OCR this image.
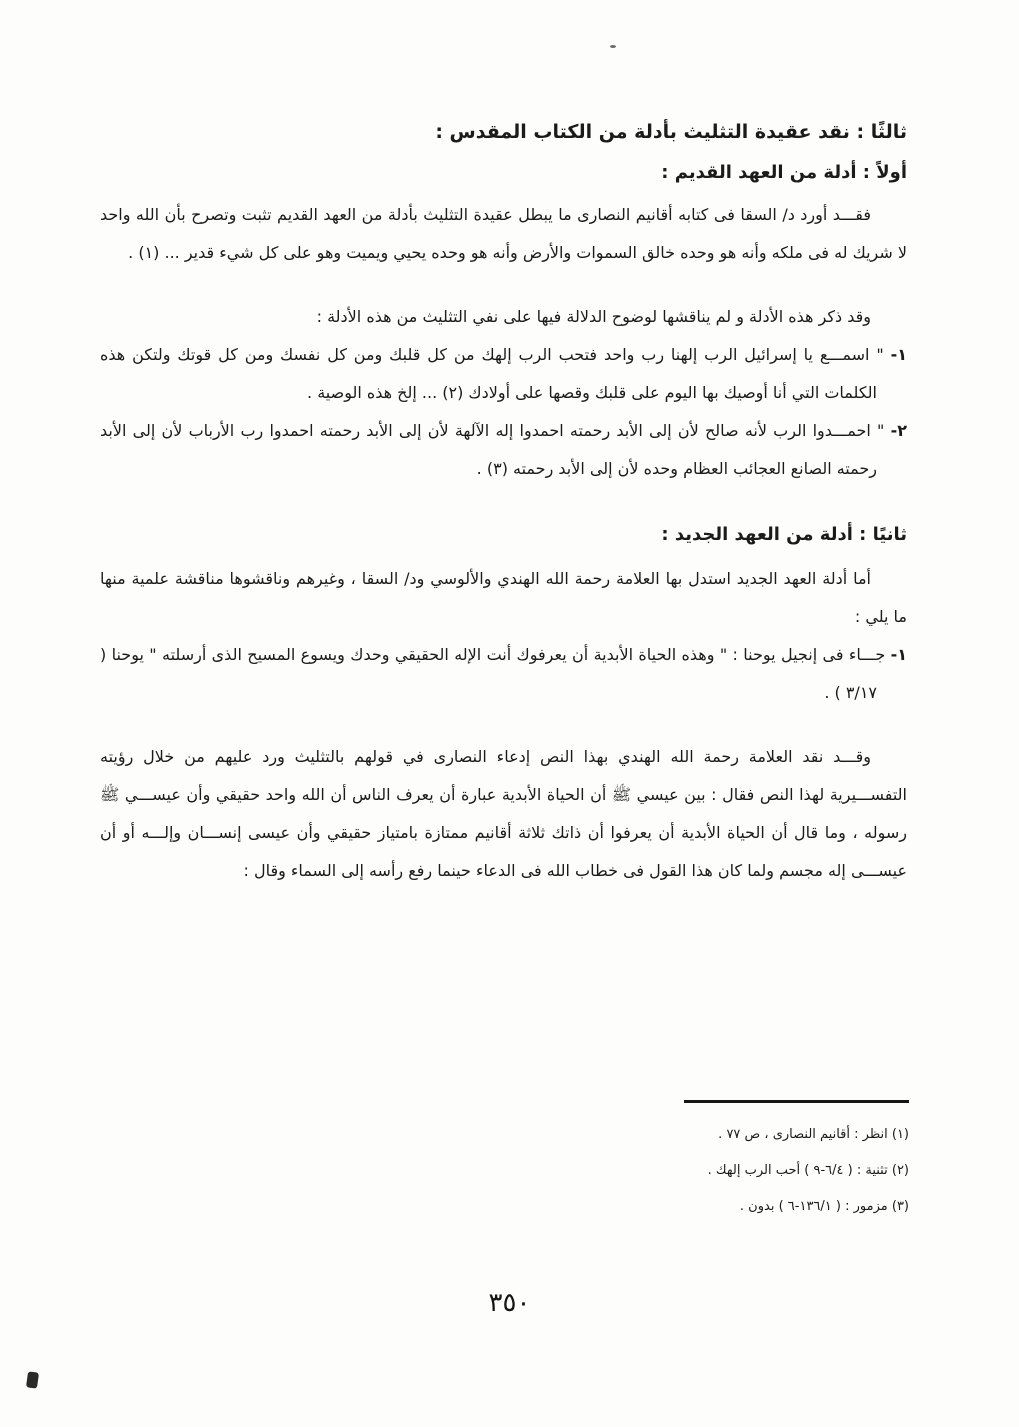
ثالثًا : نقد عقيدة التثليث بأدلة من الكتاب المقدس :
أولاً : أدلة من العهد القديم :

فقـــد أورد د/ السقا فى كتابه أقانيم النصارى ما يبطل عقيدة التثليث بأدلة من العهد القديم تثبت وتصرح بأن الله واحد لا شريك له فى ملكه وأنه هو وحده خالق السموات والأرض وأنه هو وحده يحيي ويميت وهو على كل شيء قدير ... (١) .

وقد ذكر هذه الأدلة و لم يناقشها لوضوح الدلالة فيها على نفي التثليث من هذه الأدلة :

١- " اسمـــع يا إسرائيل الرب إلهنا رب واحد فتحب الرب إلهك من كل قلبك ومن كل نفسك ومن كل قوتك ولتكن هذه الكلمات التي أنا أوصيك بها اليوم على قلبك وقصها على أولادك (٢) ... إلخ هذه الوصية .
٢- " احمـــدوا الرب لأنه صالح لأن إلى الأبد رحمته احمدوا إله الآلهة لأن إلى الأبد رحمته احمدوا رب الأرباب لأن إلى الأبد رحمته الصانع العجائب العظام وحده لأن إلى الأبد رحمته (٣) .
ثانيًا : أدلة من العهد الجديد :

أما أدلة العهد الجديد استدل بها العلامة رحمة الله الهندي والألوسي ود/ السقا ، وغيرهم وناقشوها مناقشة علمية منها ما يلي :

١- جـــاء فى إنجيل يوحنا : " وهذه الحياة الأبدية أن يعرفوك أنت الإله الحقيقي وحدك ويسوع المسيح الذى أرسلته " يوحنا ( ٣/١٧ ) .

وقـــد نقد العلامة رحمة الله الهندي بهذا النص إدعاء النصارى في قولهم بالتثليث ورد عليهم من خلال رؤيته التفســـيرية لهذا النص فقال : بين عيسي ﷺ أن الحياة الأبدية عبارة أن يعرف الناس أن الله واحد حقيقي وأن عيســـي ﷺ رسوله ، وما قال أن الحياة الأبدية أن يعرفوا أن ذاتك ثلاثة أقانيم ممتازة بامتياز حقيقي وأن عيسى إنســـان وإلـــه أو أن عيســـى إله مجسم ولما كان هذا القول فى خطاب الله فى الدعاء حينما رفع رأسه إلى السماء وقال :

(١) انظر : أقانيم النصارى ، ص ٧٧ .
(٢) تثنية : ( ٦/٤-٩ ) أحب الرب إلهك .
(٣) مزمور : ( ١٣٦/١-٦ ) بدون .
٣٥٠
